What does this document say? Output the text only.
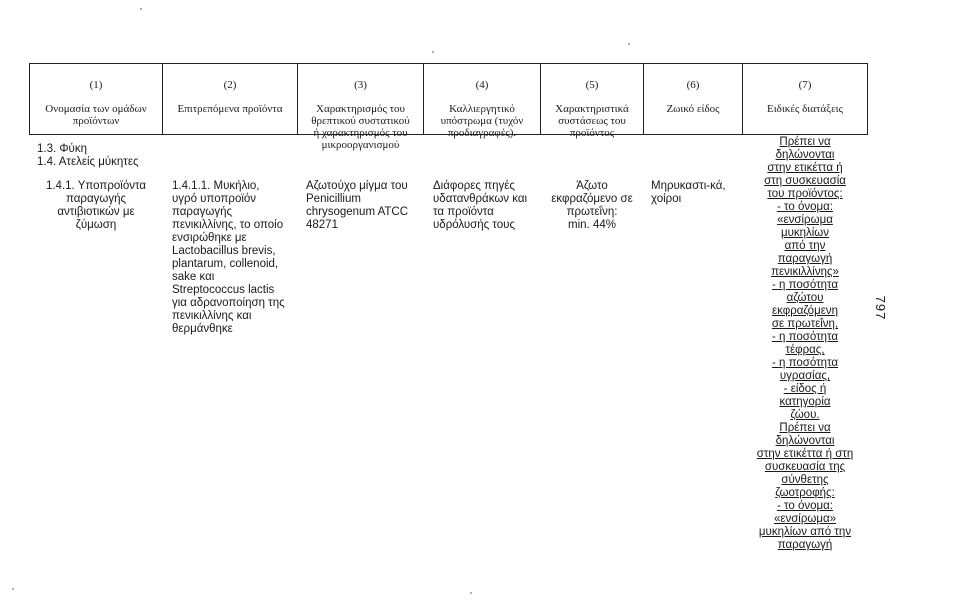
(1)

Ονομασία των ομάδων
προϊόντων

(2)

Επιτρεπόμενα προϊόντα

(3)

Χαρακτηρισμός του
θρεπτικού συστατικού
ή χαρακτηρισμός του
μικροοργανισμού

(4)

Καλλιεργητικό
υπόστρωμα (τυχόν
προδιαγραφές).

(5)

Χαρακτηριστικά
συστάσεως του
προϊόντος

(6)

Ζωικό είδος

(7)

Ειδικές διατάξεις

1.3. Φύκη
1.4. Ατελείς μύκητες
1.4.1. Υποπροϊόντα
παραγωγής
αντιβιοτικών με
ζύμωση
1.4.1.1. Μυκήλιο,
υγρό υποπροϊόν
παραγωγής
πενικιλλίνης, το οποίο
ενσιρώθηκε με
Lactobacillus brevis,
plantarum, collenoid,
sake και
Streptococcus lactis
για αδρανοποίηση της
πενικιλλίνης και
θερμάνθηκε
Αζωτούχο μίγμα του
Penicillium
chrysogenum ATCC
48271
Διάφορες πηγές
υδατανθράκων και
τα προϊόντα
υδρόλυσής τους
Άζωτο
εκφραζόμενο σε
πρωτεΐνη:
min. 44%
Μηρυκαστι-κά,
χοίροι
Πρέπει να
δηλώνονται
στην ετικέττα ή
στη συσκευασία
του προϊόντος:
- το όνομα:
«ενσίρωμα
μυκηλίων
από την
παραγωγή
πενικιλλίνης»
- η ποσότητα
αζώτου
εκφραζόμενη
σε πρωτεΐνη,
- η ποσότητα
τέφρας,
- η ποσότητα
υγρασίας,
- είδος ή
κατηγορία
ζώου.
Πρέπει να
δηλώνονται
στην ετικέττα ή στη
συσκευασία της
σύνθετης
ζωοτροφής:
- το όνομα:
«ενσίρωμα»
μυκηλίων από την
παραγωγή
797
